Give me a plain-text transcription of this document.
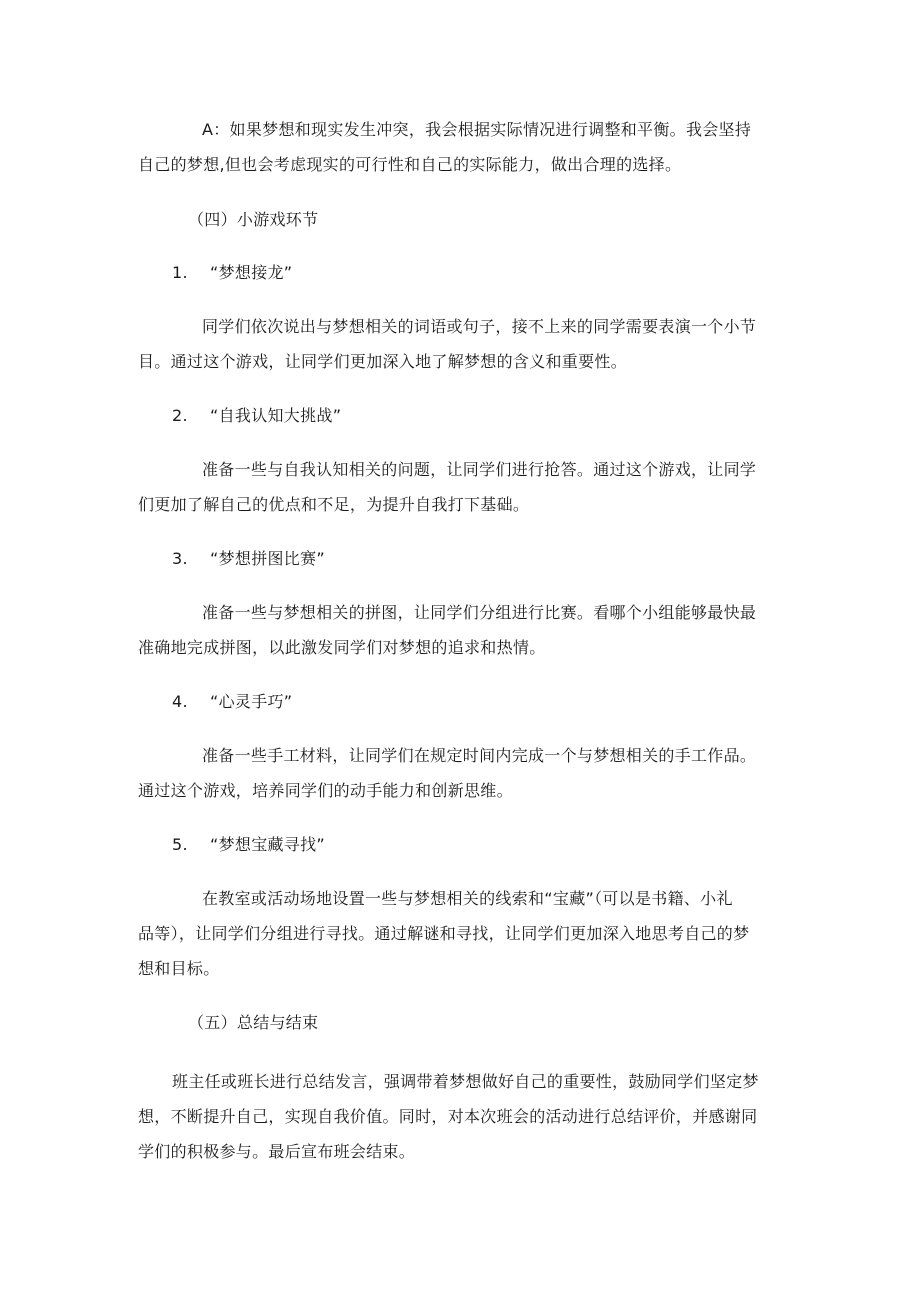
A：如果梦想和现实发生冲突，我会根据实际情况进行调整和平衡。我会坚持
自己的梦想,但也会考虑现实的可行性和自己的实际能力，做出合理的选择。
（四）小游戏环节
1. “梦想接龙”
同学们依次说出与梦想相关的词语或句子，接不上来的同学需要表演一个小节
目。通过这个游戏，让同学们更加深入地了解梦想的含义和重要性。
2. “自我认知大挑战”
准备一些与自我认知相关的问题，让同学们进行抢答。通过这个游戏，让同学
们更加了解自己的优点和不足，为提升自我打下基础。
3. “梦想拼图比赛”
准备一些与梦想相关的拼图，让同学们分组进行比赛。看哪个小组能够最快最
准确地完成拼图，以此激发同学们对梦想的追求和热情。
4. “心灵手巧”
准备一些手工材料，让同学们在规定时间内完成一个与梦想相关的手工作品。
通过这个游戏，培养同学们的动手能力和创新思维。
5. “梦想宝藏寻找”
在教室或活动场地设置一些与梦想相关的线索和“宝藏”（可以是书籍、小礼
品等），让同学们分组进行寻找。通过解谜和寻找，让同学们更加深入地思考自己的梦
想和目标。
（五）总结与结束
班主任或班长进行总结发言，强调带着梦想做好自己的重要性，鼓励同学们坚定梦
想，不断提升自己，实现自我价值。同时，对本次班会的活动进行总结评价，并感谢同
学们的积极参与。最后宣布班会结束。
